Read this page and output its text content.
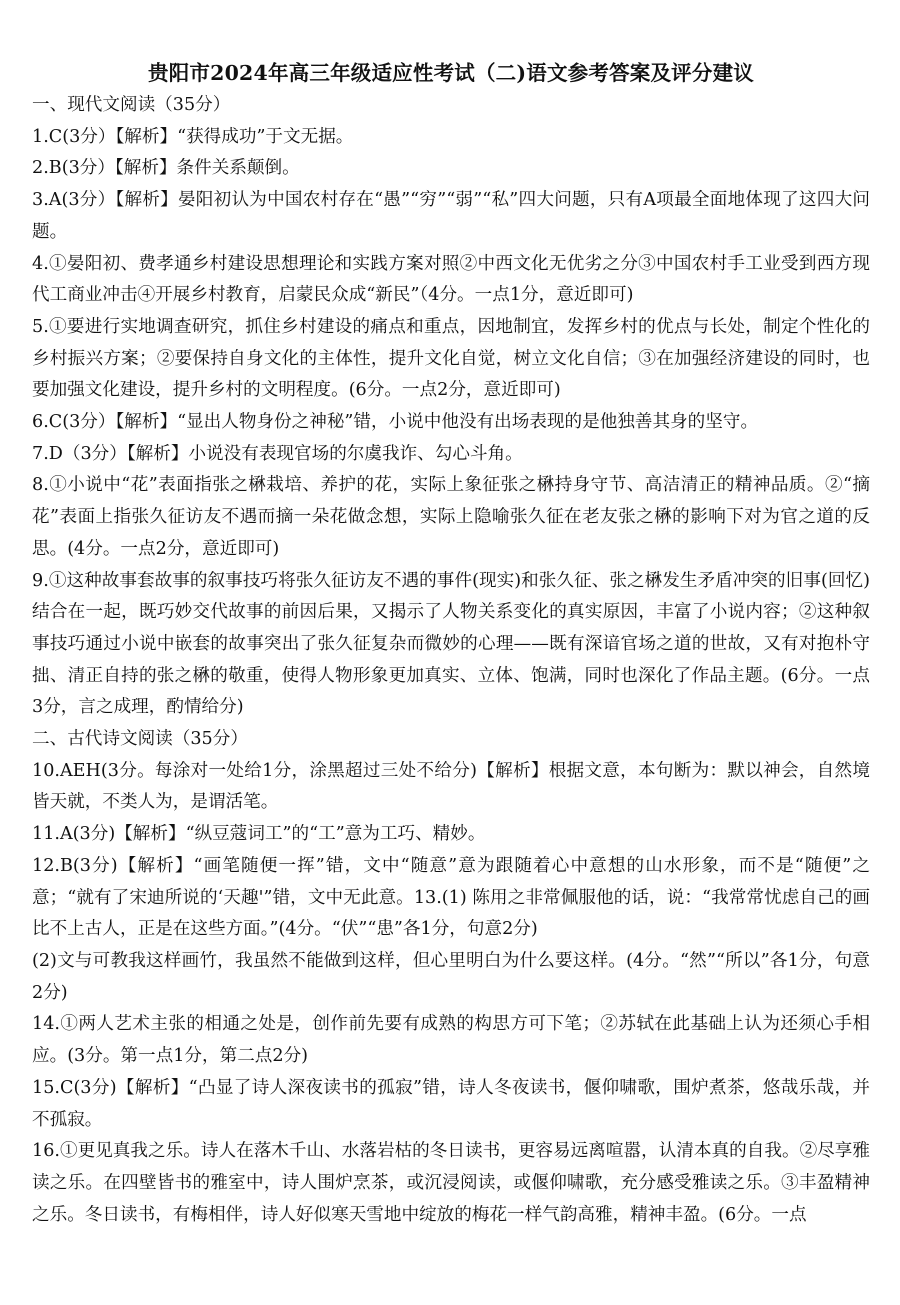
贵阳市2024年高三年级适应性考试（二)语文参考答案及评分建议

一、现代文阅读（35分）

1.C(3分）【解析】“获得成功”于文无据。

2.B(3分）【解析】条件关系颠倒。

3.A(3分）【解析】晏阳初认为中国农村存在“愚”“穷”“弱”“私”四大问题，只有A项最全面地体现了这四大问题。

4.①晏阳初、费孝通乡村建设思想理论和实践方案对照②中西文化无优劣之分③中国农村手工业受到西方现代工商业冲击④开展乡村教育，启蒙民众成“新民”（4分。一点1分，意近即可)

5.①要进行实地调查研究，抓住乡村建设的痛点和重点，因地制宜，发挥乡村的优点与长处，制定个性化的乡村振兴方案；②要保持自身文化的主体性，提升文化自觉，树立文化自信；③在加强经济建设的同时，也要加强文化建设，提升乡村的文明程度。(6分。一点2分，意近即可)

6.C(3分）【解析】“显出人物身份之神秘”错，小说中他没有出场表现的是他独善其身的坚守。

7.D（3分）【解析】小说没有表现官场的尔虞我诈、勾心斗角。

8.①小说中“花”表面指张之楙栽培、养护的花，实际上象征张之楙持身守节、高洁清正的精神品质。②“摘花”表面上指张久征访友不遇而摘一朵花做念想，实际上隐喻张久征在老友张之楙的影响下对为官之道的反思。(4分。一点2分，意近即可)

9.①这种故事套故事的叙事技巧将张久征访友不遇的事件(现实)和张久征、张之楙发生矛盾冲突的旧事(回忆)结合在一起，既巧妙交代故事的前因后果，又揭示了人物关系变化的真实原因，丰富了小说内容；②这种叙事技巧通过小说中嵌套的故事突出了张久征复杂而微妙的心理——既有深谙官场之道的世故，又有对抱朴守拙、清正自持的张之楙的敬重，使得人物形象更加真实、立体、饱满，同时也深化了作品主题。(6分。一点3分，言之成理，酌情给分)

二、古代诗文阅读（35分）

10.AEH(3分。每涂对一处给1分，涂黑超过三处不给分)【解析】根据文意，本句断为：默以神会，自然境皆天就，不类人为，是谓活笔。

11.A(3分)【解析】“纵豆蔻词工”的“工”意为工巧、精妙。

12.B(3分)【解析】“画笔随便一挥”错，文中“随意”意为跟随着心中意想的山水形象，而不是“随便”之意；“就有了宋迪所说的‘天趣'”错，文中无此意。13.(1) 陈用之非常佩服他的话，说：“我常常忧虑自己的画比不上古人，正是在这些方面。”(4分。“伏”“患”各1分，句意2分)

(2)文与可教我这样画竹，我虽然不能做到这样，但心里明白为什么要这样。(4分。“然”“所以”各1分，句意2分)

14.①两人艺术主张的相通之处是，创作前先要有成熟的构思方可下笔；②苏轼在此基础上认为还须心手相应。(3分。第一点1分，第二点2分)

15.C(3分)【解析】“凸显了诗人深夜读书的孤寂”错，诗人冬夜读书，偃仰啸歌，围炉煮茶，悠哉乐哉，并不孤寂。

16.①更见真我之乐。诗人在落木千山、水落岩枯的冬日读书，更容易远离喧嚣，认清本真的自我。②尽享雅读之乐。在四壁皆书的雅室中，诗人围炉烹茶，或沉浸阅读，或偃仰啸歌，充分感受雅读之乐。③丰盈精神之乐。冬日读书，有梅相伴，诗人好似寒天雪地中绽放的梅花一样气韵高雅，精神丰盈。(6分。一点
